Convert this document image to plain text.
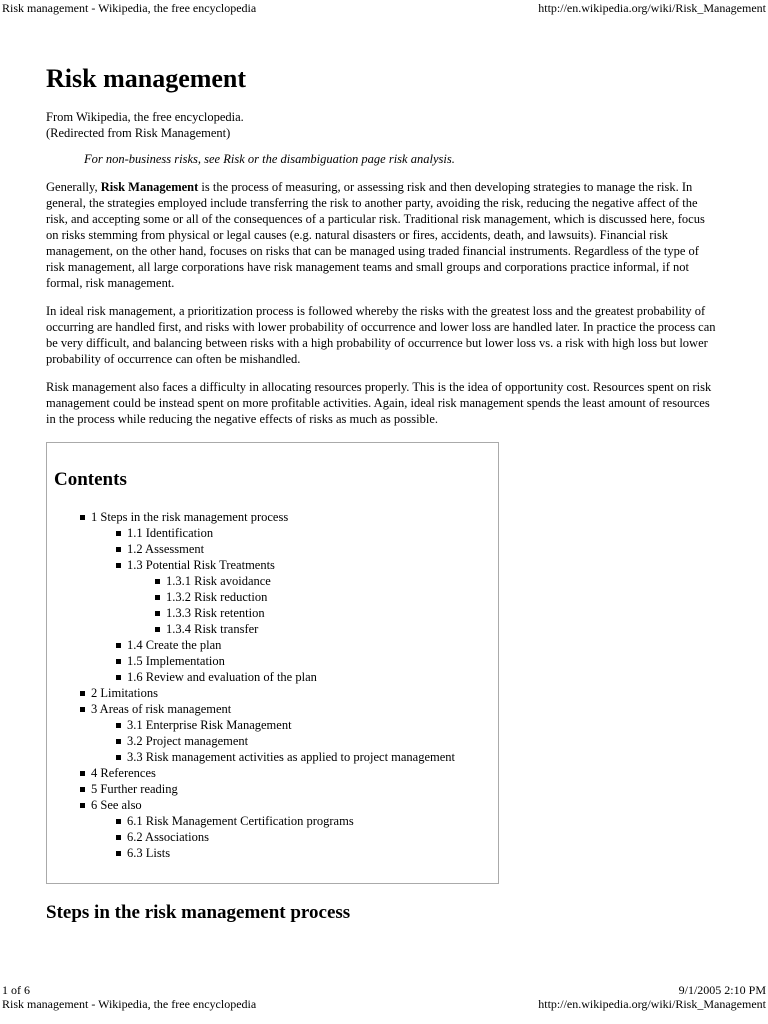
Risk management - Wikipedia, the free encyclopedia	http://en.wikipedia.org/wiki/Risk_Management
Risk management
From Wikipedia, the free encyclopedia.
(Redirected from Risk Management)
For non-business risks, see Risk or the disambiguation page risk analysis.

Generally, Risk Management is the process of measuring, or assessing risk and then developing strategies to manage the risk. In general, the strategies employed include transferring the risk to another party, avoiding the risk, reducing the negative affect of the risk, and accepting some or all of the consequences of a particular risk. Traditional risk management, which is discussed here, focus on risks stemming from physical or legal causes (e.g. natural disasters or fires, accidents, death, and lawsuits). Financial risk management, on the other hand, focuses on risks that can be managed using traded financial instruments. Regardless of the type of risk management, all large corporations have risk management teams and small groups and corporations practice informal, if not formal, risk management.

In ideal risk management, a prioritization process is followed whereby the risks with the greatest loss and the greatest probability of occurring are handled first, and risks with lower probability of occurrence and lower loss are handled later. In practice the process can be very difficult, and balancing between risks with a high probability of occurrence but lower loss vs. a risk with high loss but lower probability of occurrence can often be mishandled.

Risk management also faces a difficulty in allocating resources properly. This is the idea of opportunity cost. Resources spent on risk management could be instead spent on more profitable activities. Again, ideal risk management spends the least amount of resources in the process while reducing the negative effects of risks as much as possible.

Contents
1 Steps in the risk management process
1.1 Identification
1.2 Assessment
1.3 Potential Risk Treatments
1.3.1 Risk avoidance
1.3.2 Risk reduction
1.3.3 Risk retention
1.3.4 Risk transfer
1.4 Create the plan
1.5 Implementation
1.6 Review and evaluation of the plan
2 Limitations
3 Areas of risk management
3.1 Enterprise Risk Management
3.2 Project management
3.3 Risk management activities as applied to project management
4 References
5 Further reading
6 See also
6.1 Risk Management Certification programs
6.2 Associations
6.3 Lists
Steps in the risk management process
1 of 6	9/1/2005 2:10 PM
Risk management - Wikipedia, the free encyclopedia	http://en.wikipedia.org/wiki/Risk_Management
